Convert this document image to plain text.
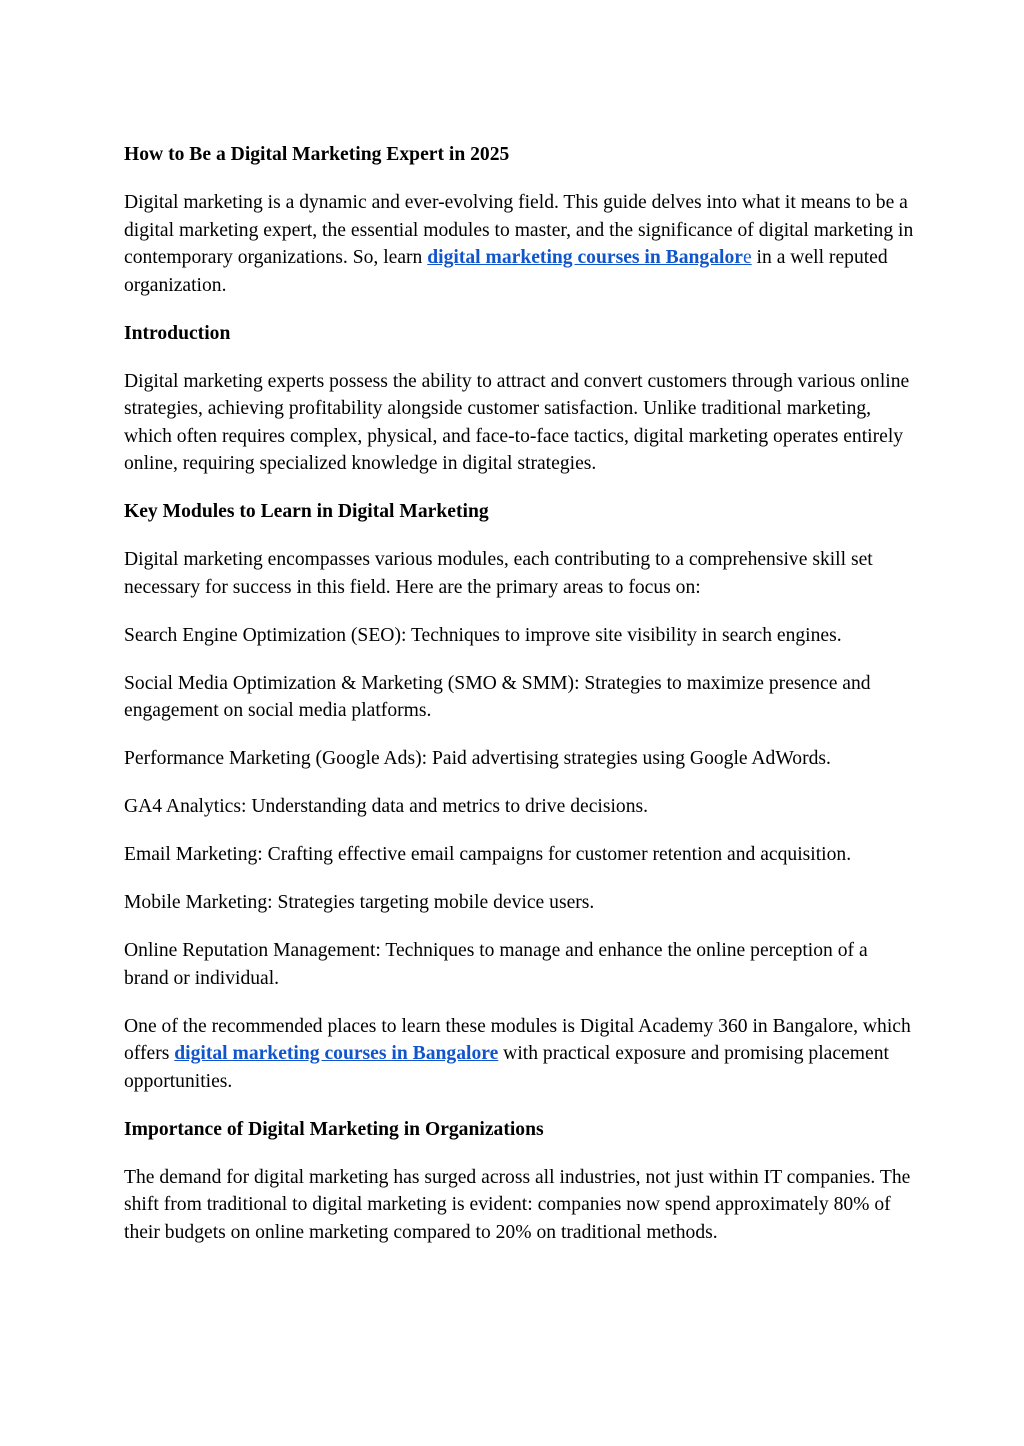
How to Be a Digital Marketing Expert in 2025

Digital marketing is a dynamic and ever-evolving field. This guide delves into what it means to be a digital marketing expert, the essential modules to master, and the significance of digital marketing in contemporary organizations. So, learn digital marketing courses in Bangalore in a well reputed organization.

Introduction

Digital marketing experts possess the ability to attract and convert customers through various online strategies, achieving profitability alongside customer satisfaction. Unlike traditional marketing, which often requires complex, physical, and face-to-face tactics, digital marketing operates entirely online, requiring specialized knowledge in digital strategies.

Key Modules to Learn in Digital Marketing

Digital marketing encompasses various modules, each contributing to a comprehensive skill set necessary for success in this field. Here are the primary areas to focus on:

Search Engine Optimization (SEO): Techniques to improve site visibility in search engines.

Social Media Optimization & Marketing (SMO & SMM): Strategies to maximize presence and engagement on social media platforms.

Performance Marketing (Google Ads): Paid advertising strategies using Google AdWords.

GA4 Analytics: Understanding data and metrics to drive decisions.

Email Marketing: Crafting effective email campaigns for customer retention and acquisition.

Mobile Marketing: Strategies targeting mobile device users.

Online Reputation Management: Techniques to manage and enhance the online perception of a brand or individual.

One of the recommended places to learn these modules is Digital Academy 360 in Bangalore, which offers digital marketing courses in Bangalore with practical exposure and promising placement opportunities.

Importance of Digital Marketing in Organizations

The demand for digital marketing has surged across all industries, not just within IT companies. The shift from traditional to digital marketing is evident: companies now spend approximately 80% of their budgets on online marketing compared to 20% on traditional methods.
